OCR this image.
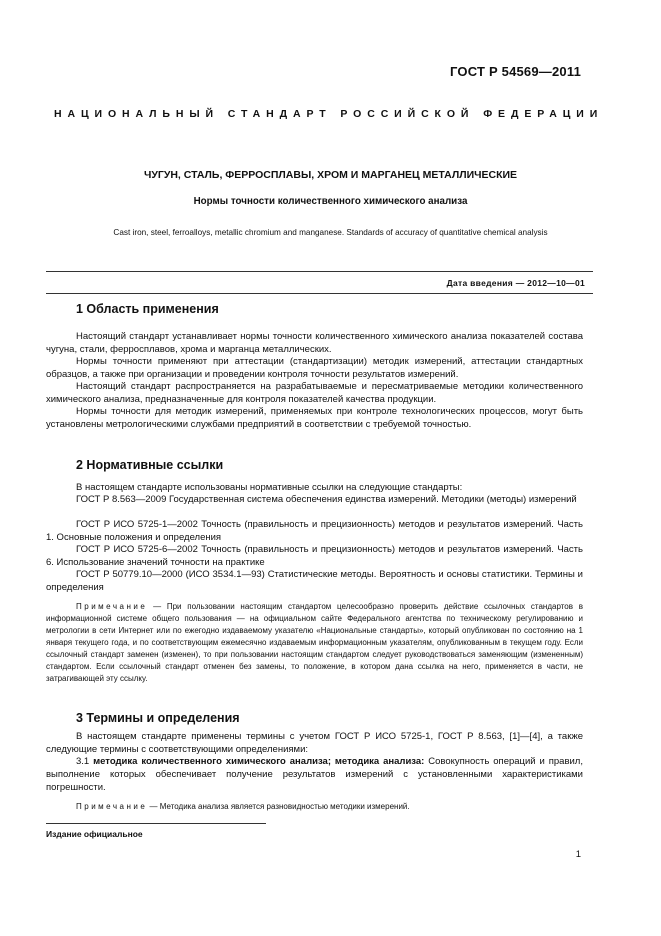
ГОСТ Р 54569—2011
НАЦИОНАЛЬНЫЙ СТАНДАРТ РОССИЙСКОЙ ФЕДЕРАЦИИ
ЧУГУН, СТАЛЬ, ФЕРРОСПЛАВЫ, ХРОМ И МАРГАНЕЦ МЕТАЛЛИЧЕСКИЕ
Нормы точности количественного химического анализа
Cast iron, steel, ferroalloys, metallic chromium and manganese. Standards of accuracy of quantitative chemical analysis
Дата введения — 2012—10—01
1 Область применения
Настоящий стандарт устанавливает нормы точности количественного химического анализа показателей состава чугуна, стали, ферросплавов, хрома и марганца металлических.
Нормы точности применяют при аттестации (стандартизации) методик измерений, аттестации стандартных образцов, а также при организации и проведении контроля точности результатов измерений.
Настоящий стандарт распространяется на разрабатываемые и пересматриваемые методики количественного химического анализа, предназначенные для контроля показателей качества продукции.
Нормы точности для методик измерений, применяемых при контроле технологических процессов, могут быть установлены метрологическими службами предприятий в соответствии с требуемой точностью.
2 Нормативные ссылки
В настоящем стандарте использованы нормативные ссылки на следующие стандарты:
ГОСТ Р 8.563—2009 Государственная система обеспечения единства измерений. Методики (методы) измерений
ГОСТ Р ИСО 5725-1—2002 Точность (правильность и прецизионность) методов и результатов измерений. Часть 1. Основные положения и определения
ГОСТ Р ИСО 5725-6—2002 Точность (правильность и прецизионность) методов и результатов измерений. Часть 6. Использование значений точности на практике
ГОСТ Р 50779.10—2000 (ИСО 3534.1—93) Статистические методы. Вероятность и основы статистики. Термины и определения
Примечание — При пользовании настоящим стандартом целесообразно проверить действие ссылочных стандартов в информационной системе общего пользования — на официальном сайте Федерального агентства по техническому регулированию и метрологии в сети Интернет или по ежегодно издаваемому указателю «Национальные стандарты», который опубликован по состоянию на 1 января текущего года, и по соответствующим ежемесячно издаваемым информационным указателям, опубликованным в текущем году. Если ссылочный стандарт заменен (изменен), то при пользовании настоящим стандартом следует руководствоваться заменяющим (измененным) стандартом. Если ссылочный стандарт отменен без замены, то положение, в котором дана ссылка на него, применяется в части, не затрагивающей эту ссылку.
3 Термины и определения
В настоящем стандарте применены термины с учетом ГОСТ Р ИСО 5725-1, ГОСТ Р 8.563, [1]—[4], а также следующие термины с соответствующими определениями:
3.1 методика количественного химического анализа; методика анализа: Совокупность операций и правил, выполнение которых обеспечивает получение результатов измерений с установленными характеристиками погрешности.
Примечание — Методика анализа является разновидностью методики измерений.
Издание официальное
1
